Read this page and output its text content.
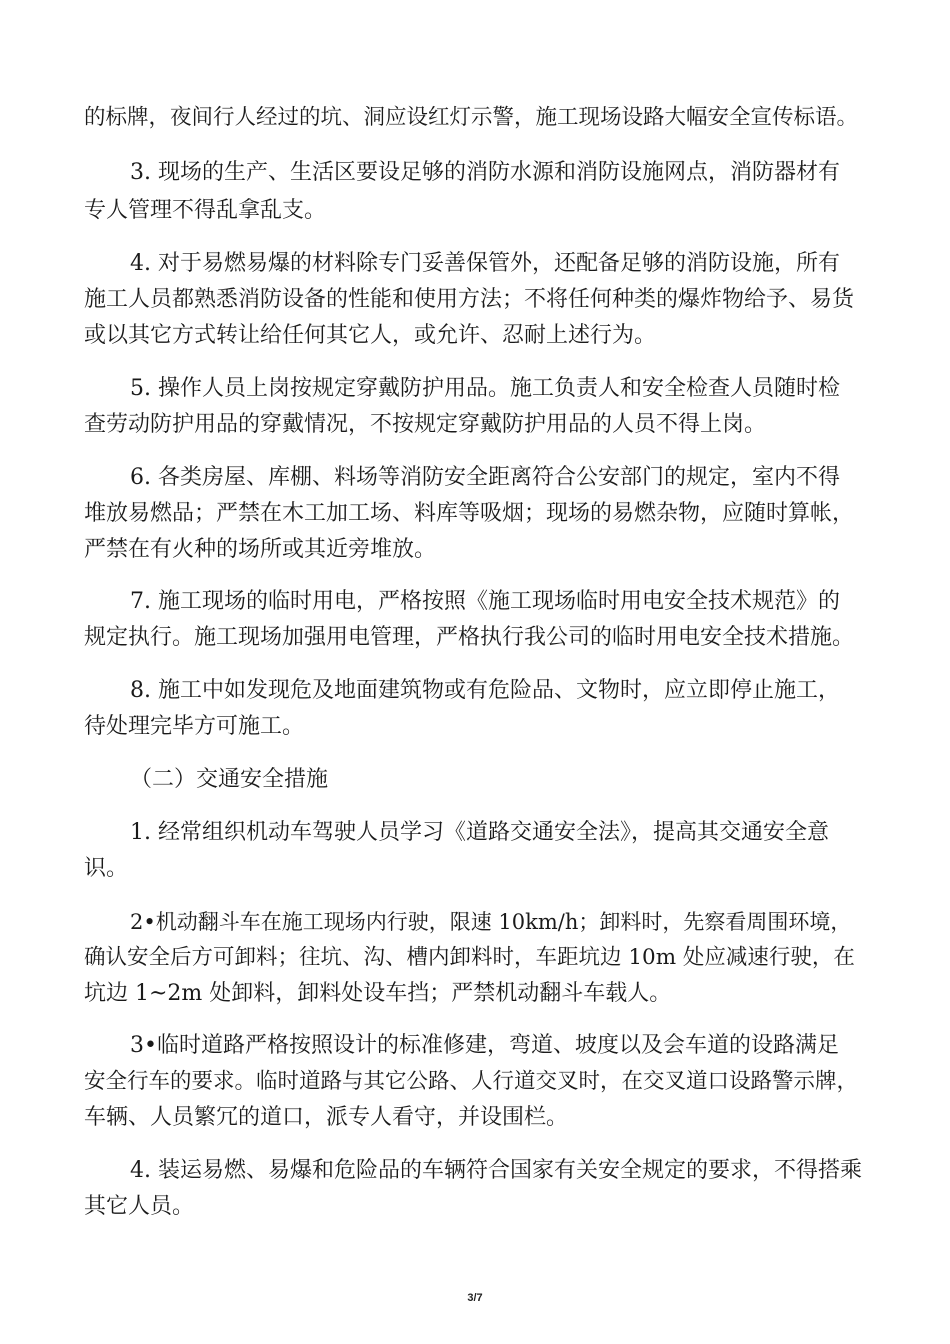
的标牌，夜间行人经过的坑、洞应设红灯示警，施工现场设路大幅安全宣传标语。
3. 现场的生产、生活区要设足够的消防水源和消防设施网点，消防器材有
专人管理不得乱拿乱支。
4. 对于易燃易爆的材料除专门妥善保管外，还配备足够的消防设施，所有
施工人员都熟悉消防设备的性能和使用方法；不将任何种类的爆炸物给予、易货
或以其它方式转让给任何其它人，或允许、忍耐上述行为。
5. 操作人员上岗按规定穿戴防护用品。施工负责人和安全检查人员随时检
查劳动防护用品的穿戴情况，不按规定穿戴防护用品的人员不得上岗。
6. 各类房屋、库棚、料场等消防安全距离符合公安部门的规定，室内不得
堆放易燃品；严禁在木工加工场、料库等吸烟；现场的易燃杂物，应随时算帐，
严禁在有火种的场所或其近旁堆放。
7. 施工现场的临时用电，严格按照《施工现场临时用电安全技术规范》的
规定执行。施工现场加强用电管理，严格执行我公司的临时用电安全技术措施。
8. 施工中如发现危及地面建筑物或有危险品、文物时，应立即停止施工，
待处理完毕方可施工。
（二）交通安全措施
1. 经常组织机动车驾驶人员学习《道路交通安全法》，提高其交通安全意
识。
2•机动翻斗车在施工现场内行驶，限速 10km/h；卸料时，先察看周围环境，
确认安全后方可卸料；往坑、沟、槽内卸料时，车距坑边 10m 处应减速行驶，在
坑边 1~2m 处卸料，卸料处设车挡；严禁机动翻斗车载人。
3•临时道路严格按照设计的标准修建，弯道、坡度以及会车道的设路满足
安全行车的要求。临时道路与其它公路、人行道交叉时，在交叉道口设路警示牌，
车辆、人员繁冗的道口，派专人看守，并设围栏。
4. 装运易燃、易爆和危险品的车辆符合国家有关安全规定的要求，不得搭乘
其它人员。
3/7
